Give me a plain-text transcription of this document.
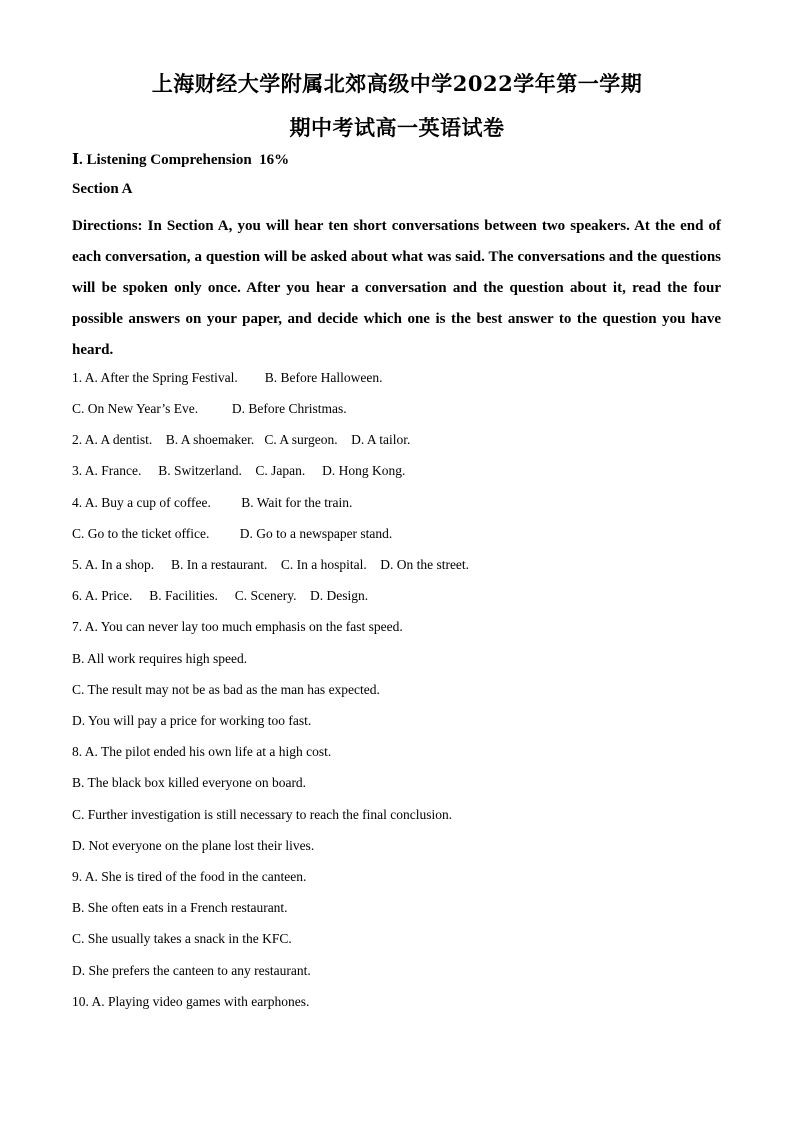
上海财经大学附属北郊高级中学2022学年第一学期
期中考试高一英语试卷
Ⅰ. Listening Comprehension  16%
Section A
Directions: In Section A, you will hear ten short conversations between two speakers. At the end of each conversation, a question will be asked about what was said. The conversations and the questions will be spoken only once. After you hear a conversation and the question about it, read the four possible answers on your paper, and decide which one is the best answer to the question you have heard.
1. A. After the Spring Festival.        B. Before Halloween.
C. On New Year’s Eve.          D. Before Christmas.
2. A. A dentist.    B. A shoemaker.   C. A surgeon.    D. A tailor.
3. A. France.     B. Switzerland.    C. Japan.     D. Hong Kong.
4. A. Buy a cup of coffee.         B. Wait for the train.
C. Go to the ticket office.         D. Go to a newspaper stand.
5. A. In a shop.     B. In a restaurant.    C. In a hospital.    D. On the street.
6. A. Price.     B. Facilities.     C. Scenery.    D. Design.
7. A. You can never lay too much emphasis on the fast speed.
B. All work requires high speed.
C. The result may not be as bad as the man has expected.
D. You will pay a price for working too fast.
8. A. The pilot ended his own life at a high cost.
B. The black box killed everyone on board.
C. Further investigation is still necessary to reach the final conclusion.
D. Not everyone on the plane lost their lives.
9. A. She is tired of the food in the canteen.
B. She often eats in a French restaurant.
C. She usually takes a snack in the KFC.
D. She prefers the canteen to any restaurant.
10. A. Playing video games with earphones.
